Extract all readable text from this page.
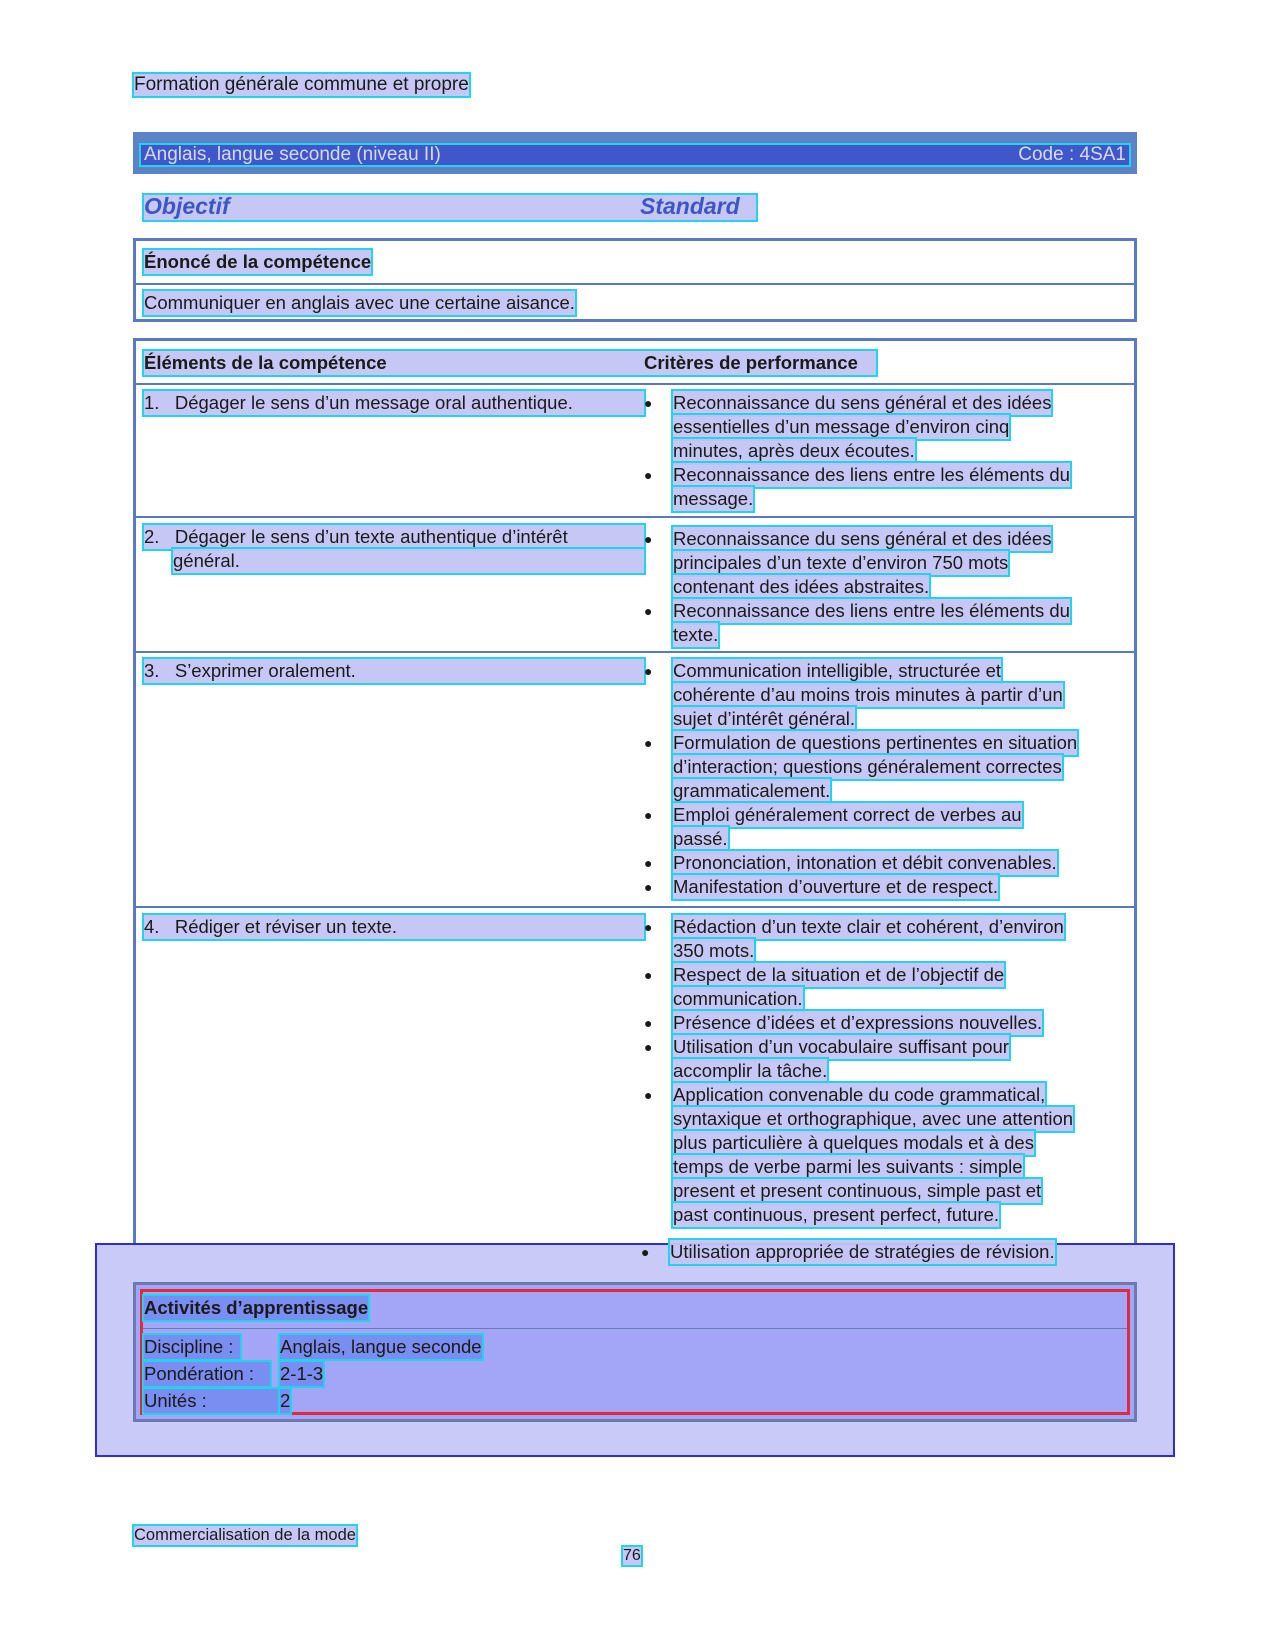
Formation générale commune et propre
Anglais, langue seconde (niveau II)	Code : 4SA1
Objectif	Standard
Énoncé de la compétence
Communiquer en anglais avec une certaine aisance.
Éléments de la compétence	Critères de performance
1. Dégager le sens d’un message oral authentique.	● Reconnaissance du sens général et des idées
essentielles d’un message d’environ cinq
minutes, après deux écoutes.
● Reconnaissance des liens entre les éléments du
message.
2. Dégager le sens d’un texte authentique d’intérêt
général.
● Reconnaissance du sens général et des idées
principales d’un texte d’environ 750 mots
contenant des idées abstraites.
● Reconnaissance des liens entre les éléments du
texte.
3. S’exprimer oralement.	● Communication intelligible, structurée et
cohérente d’au moins trois minutes à partir d’un
sujet d’intérêt général.
● Formulation de questions pertinentes en situation
d’interaction; questions généralement correctes
grammaticalement.
● Emploi généralement correct de verbes au
passé.
● Prononciation, intonation et débit convenables.
● Manifestation d’ouverture et de respect.
4. Rédiger et réviser un texte.	● Rédaction d’un texte clair et cohérent, d’environ
350 mots.
● Respect de la situation et de l’objectif de
communication.
● Présence d’idées et d’expressions nouvelles.
● Utilisation d’un vocabulaire suffisant pour
accomplir la tâche.
● Application convenable du code grammatical,
syntaxique et orthographique, avec une attention
plus particulière à quelques modals et à des
temps de verbe parmi les suivants : simple
present et present continuous, simple past et
past continuous, present perfect, future.
● Utilisation appropriée de stratégies de révision.
Activités d’apprentissage
Discipline :	Anglais, langue seconde
Pondération :	2-1-3
Unités :	2
Commercialisation de la mode
76
